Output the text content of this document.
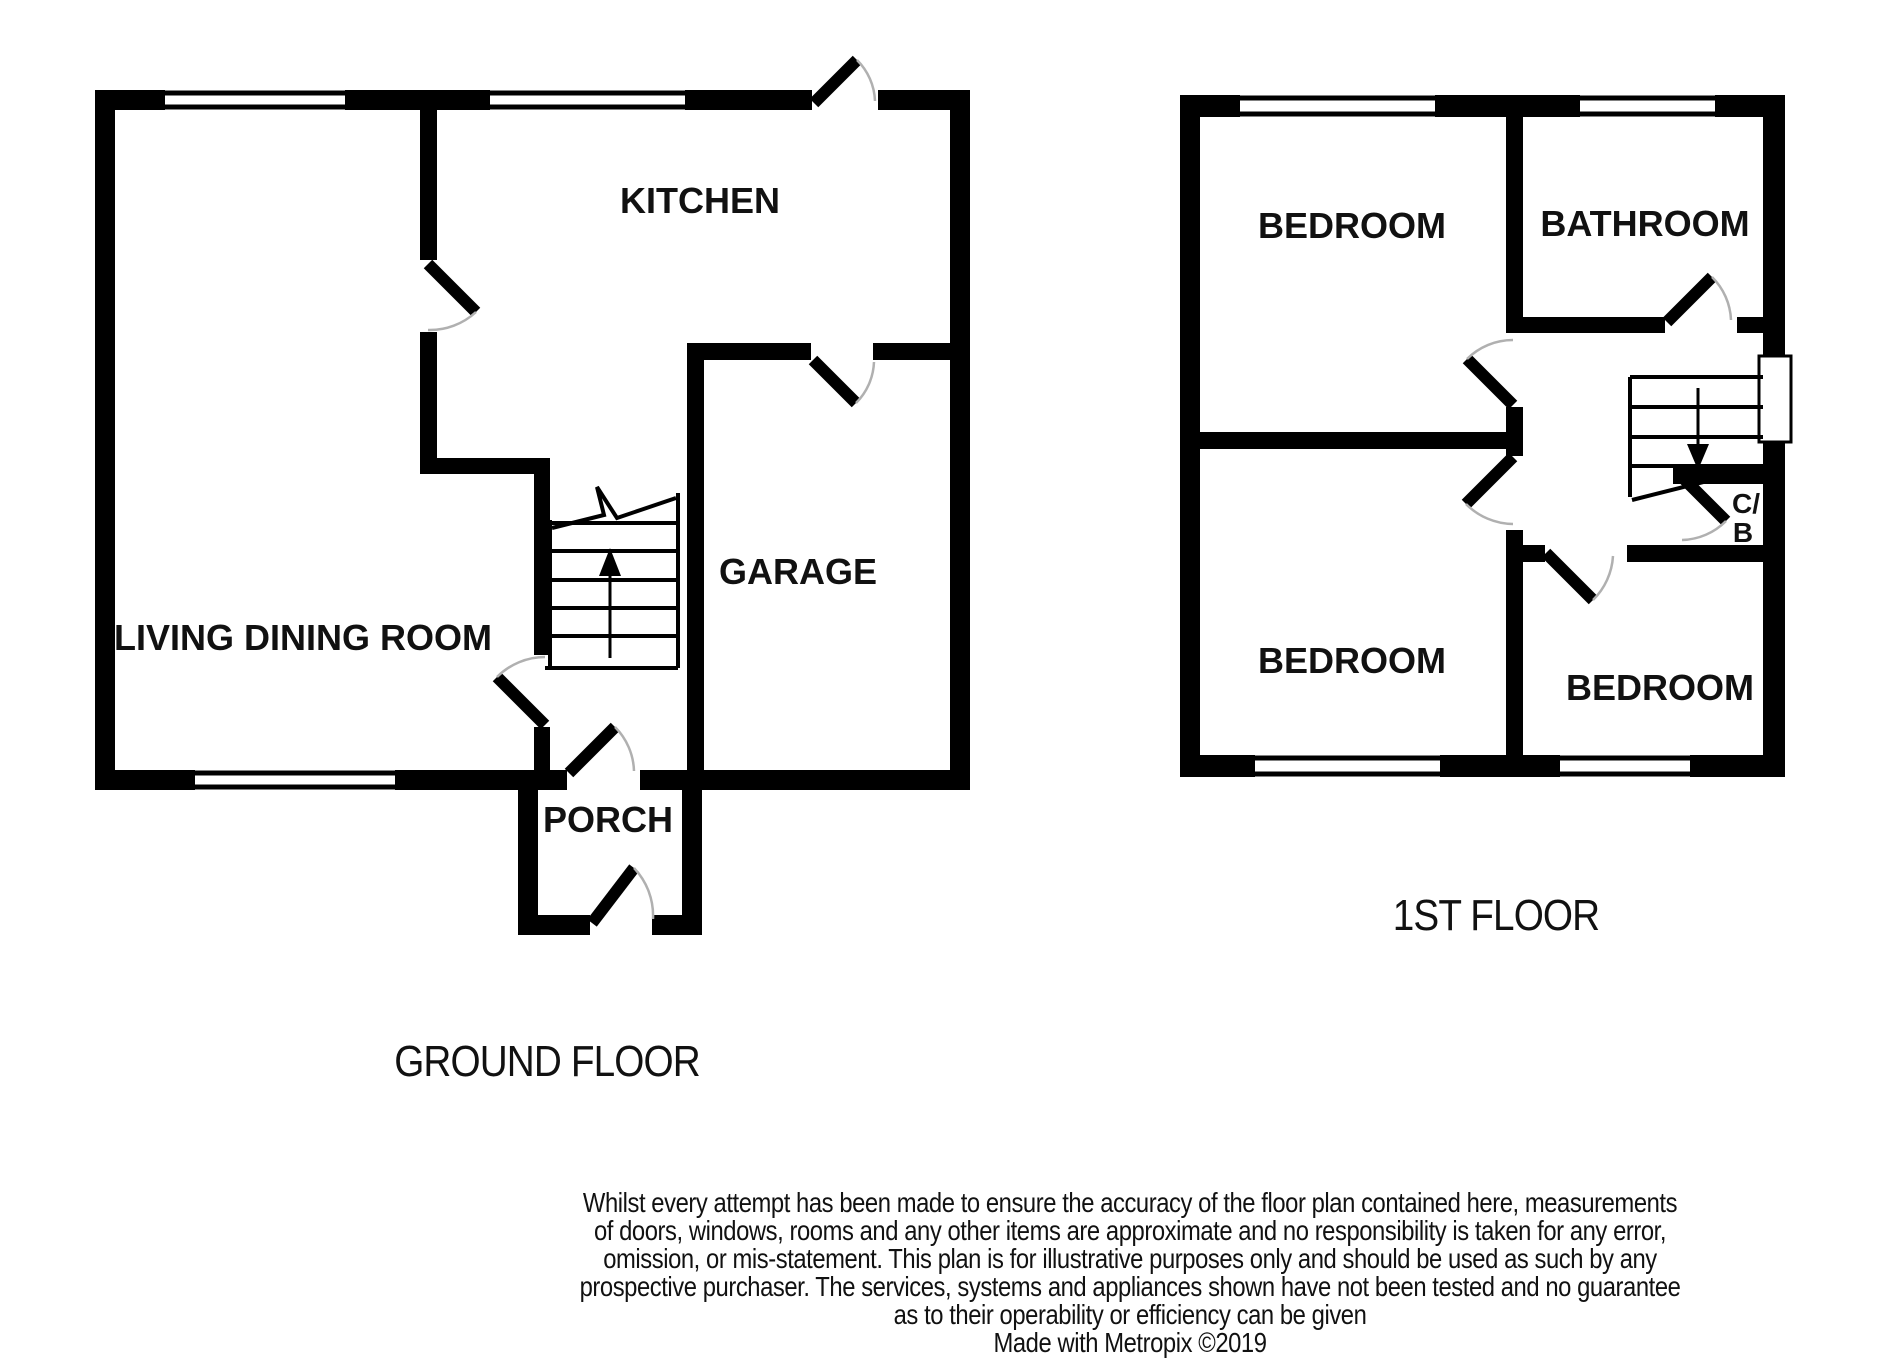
KITCHEN
LIVING DINING ROOM
GARAGE
PORCH
GROUND FLOOR
BEDROOM	BATHROOM
BEDROOM
BEDROOM
C/
B
1ST FLOOR
Whilst every attempt has been made to ensure the accuracy of the floor plan contained here, measurements
of doors, windows, rooms and any other items are approximate and no responsibility is taken for any error,
omission, or mis-statement. This plan is for illustrative purposes only and should be used as such by any
prospective purchaser. The services, systems and appliances shown have not been tested and no guarantee
as to their operability or efficiency can be given
Made with Metropix ©2019
